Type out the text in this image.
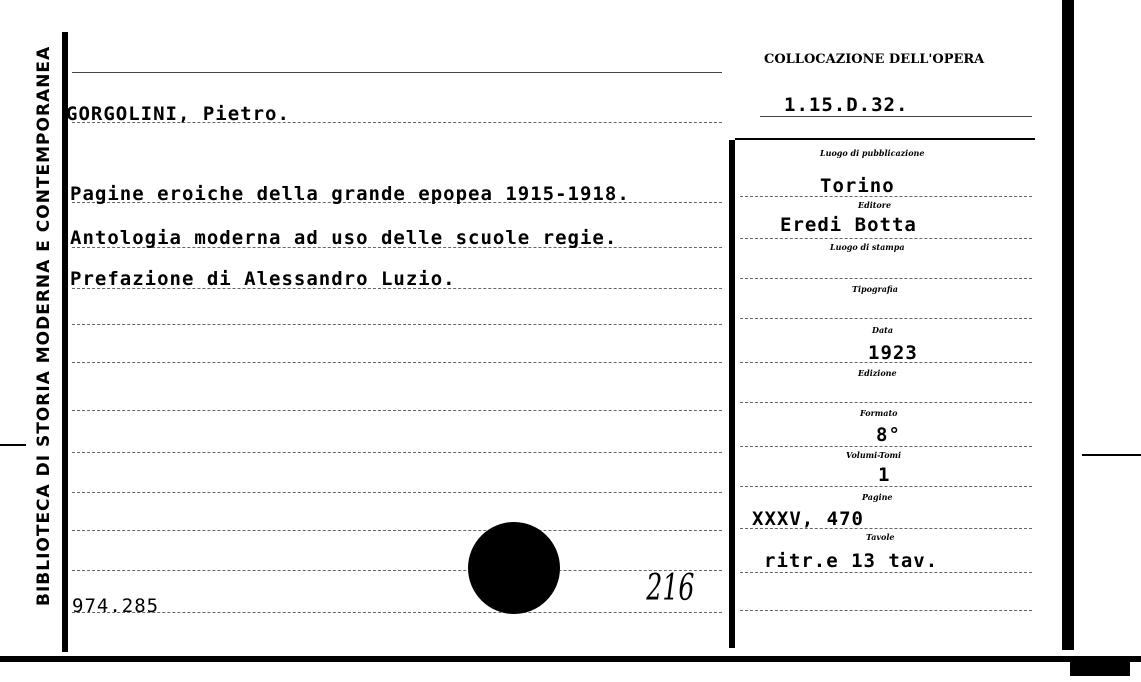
BIBLIOTECA DI STORIA MODERNA E CONTEMPORANEA GORGOLINI, Pietro.
Pagine eroiche della grande epopea 1915-1918.
Antologia moderna ad uso delle scuole regie.
Prefazione di Alessandro Luzio.
974.285	216
COLLOCAZIONE DELL'OPERA
1.15.D.32.
Luogo di pubblicazione
Torino
Editore
Eredi Botta
Luogo di stampa
Tipografia
Data
1923
Edizione
Formato
8°
Volumi-Tomi
1
Pagine
XXXV, 470
Tavole
ritr.e 13 tav.
